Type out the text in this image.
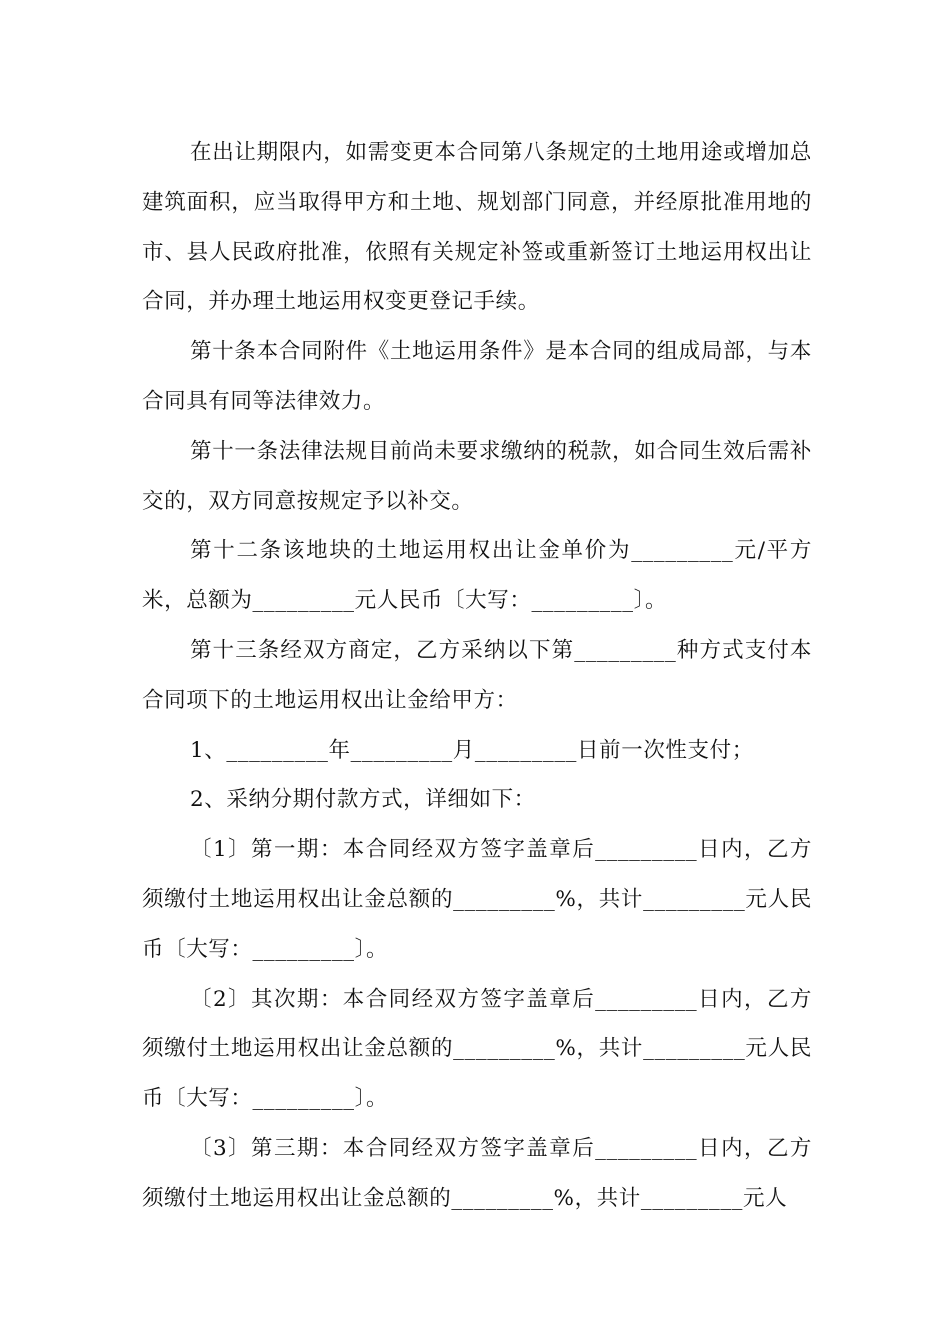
在出让期限内，如需变更本合同第八条规定的土地用途或增加总建筑面积，应当取得甲方和土地、规划部门同意，并经原批准用地的市、县人民政府批准，依照有关规定补签或重新签订土地运用权出让合同，并办理土地运用权变更登记手续。

第十条本合同附件《土地运用条件》是本合同的组成局部，与本合同具有同等法律效力。

第十一条法律法规目前尚未要求缴纳的税款，如合同生效后需补交的，双方同意按规定予以补交。

第十二条该地块的土地运用权出让金单价为_________元/平方米，总额为_________元人民币〔大写：_________〕。

第十三条经双方商定，乙方采纳以下第_________种方式支付本合同项下的土地运用权出让金给甲方：

1、_________年_________月_________日前一次性支付；

2、采纳分期付款方式，详细如下：

〔1〕第一期：本合同经双方签字盖章后_________日内，乙方须缴付土地运用权出让金总额的_________%，共计_________元人民币〔大写：_________〕。

〔2〕其次期：本合同经双方签字盖章后_________日内，乙方须缴付土地运用权出让金总额的_________%，共计_________元人民币〔大写：_________〕。

〔3〕第三期：本合同经双方签字盖章后_________日内，乙方须缴付土地运用权出让金总额的_________%，共计_________元人
